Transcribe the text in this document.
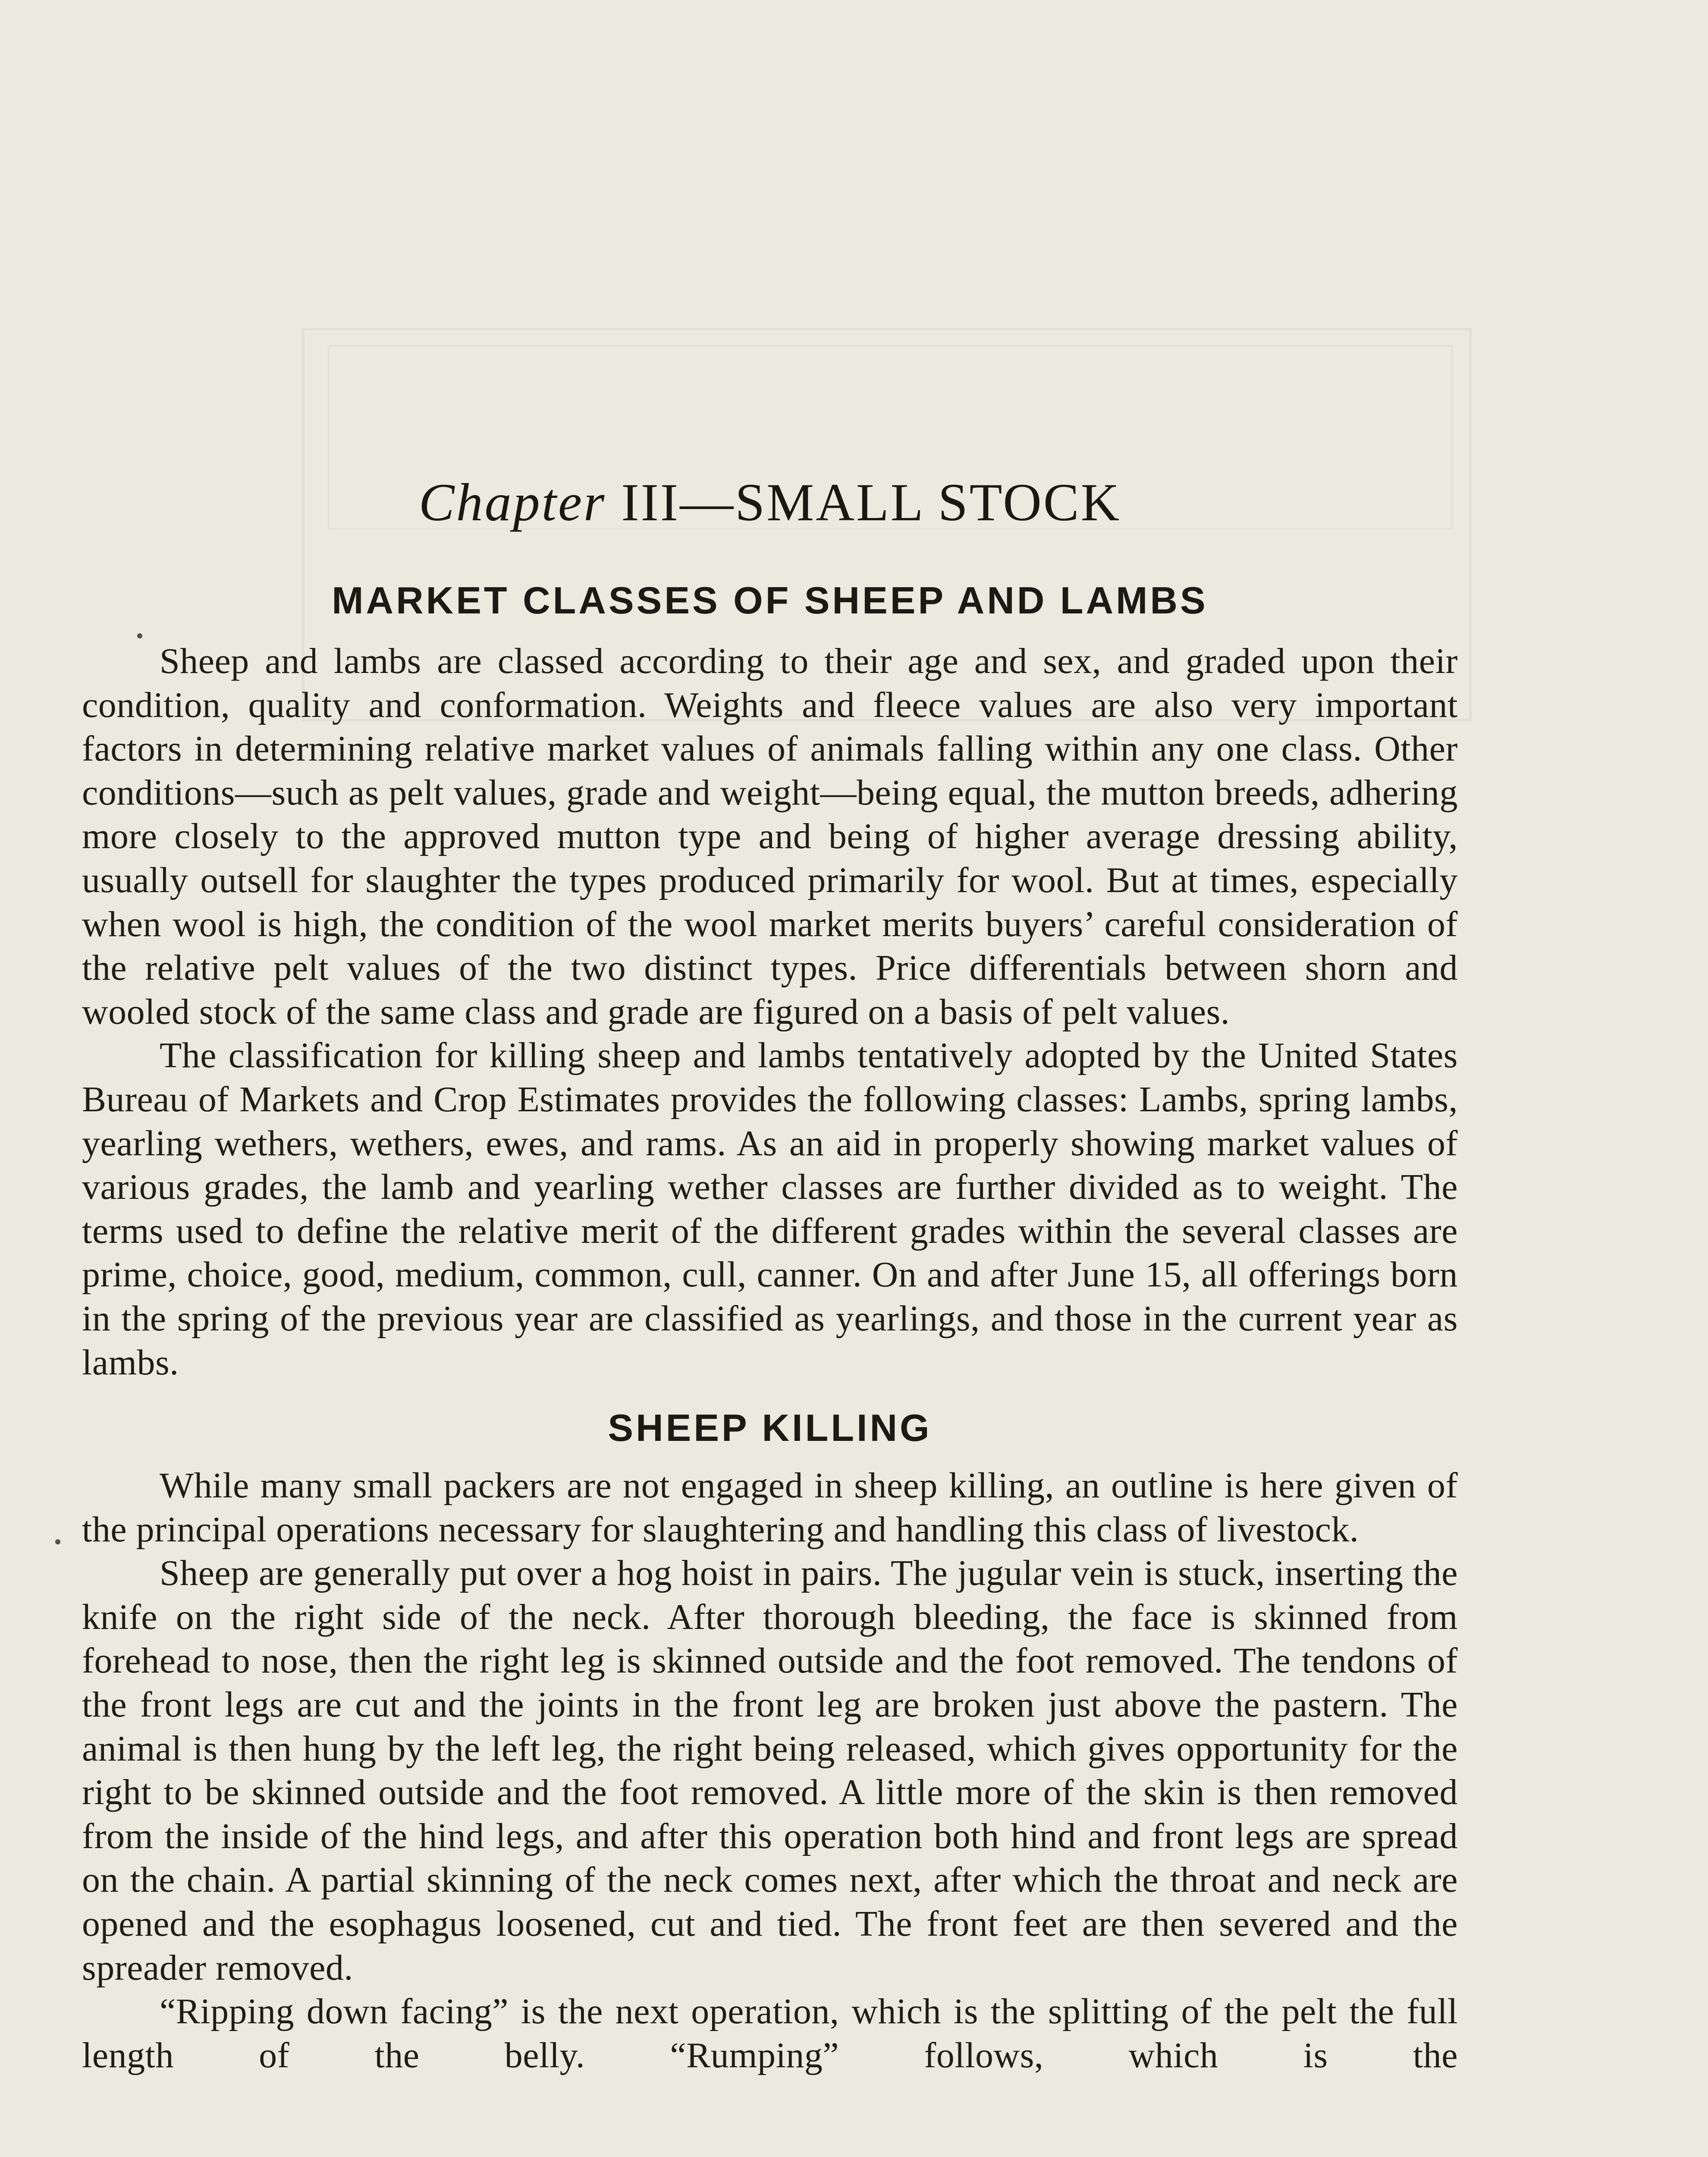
Chapter III—SMALL STOCK
MARKET CLASSES OF SHEEP AND LAMBS

Sheep and lambs are classed according to their age and sex, and graded upon their condition, quality and conformation. Weights and fleece values are also very important factors in determining relative market values of animals falling within any one class. Other conditions—such as pelt values, grade and weight—being equal, the mutton breeds, adhering more closely to the approved mutton type and being of higher average dressing ability, usually outsell for slaughter the types produced primarily for wool. But at times, especially when wool is high, the condition of the wool market merits buyers’ careful consideration of the relative pelt values of the two distinct types. Price differentials between shorn and wooled stock of the same class and grade are figured on a basis of pelt values.

The classification for killing sheep and lambs tentatively adopted by the United States Bureau of Markets and Crop Estimates provides the following classes: Lambs, spring lambs, yearling wethers, wethers, ewes, and rams. As an aid in properly showing market values of various grades, the lamb and yearling wether classes are further divided as to weight. The terms used to define the relative merit of the different grades within the several classes are prime, choice, good, medium, common, cull, canner. On and after June 15, all offerings born in the spring of the previous year are classified as yearlings, and those in the current year as lambs.

SHEEP KILLING

While many small packers are not engaged in sheep killing, an outline is here given of the principal operations necessary for slaughtering and handling this class of livestock.

Sheep are generally put over a hog hoist in pairs. The jugular vein is stuck, inserting the knife on the right side of the neck. After thorough bleeding, the face is skinned from forehead to nose, then the right leg is skinned outside and the foot removed. The tendons of the front legs are cut and the joints in the front leg are broken just above the pastern. The animal is then hung by the left leg, the right being released, which gives opportunity for the right to be skinned outside and the foot removed. A little more of the skin is then removed from the inside of the hind legs, and after this operation both hind and front legs are spread on the chain. A partial skinning of the neck comes next, after which the throat and neck are opened and the esophagus loosened, cut and tied. The front feet are then severed and the spreader removed.

“Ripping down facing” is the next operation, which is the splitting of the pelt the full length of the belly. “Rumping” follows, which is the
